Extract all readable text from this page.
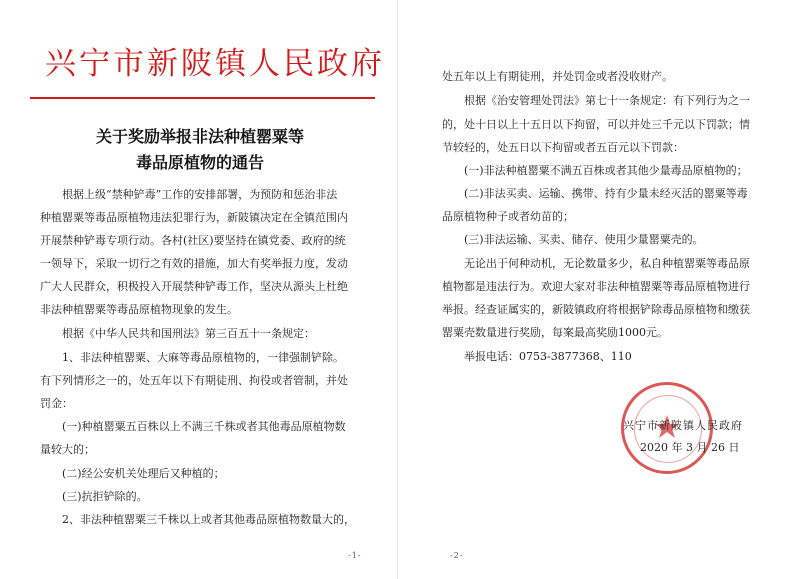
兴宁市新陂镇人民政府
关于奖励举报非法种植罂粟等
毒品原植物的通告
根据上级“禁种铲毒”工作的安排部署，为预防和惩治非法
种植罂粟等毒品原植物违法犯罪行为，新陂镇决定在全镇范围内
开展禁种铲毒专项行动。各村(社区)要坚持在镇党委、政府的统
一领导下，采取一切行之有效的措施，加大有奖举报力度，发动
广大人民群众，积极投入开展禁种铲毒工作，坚决从源头上杜绝
非法种植罂粟等毒品原植物现象的发生。
根据《中华人民共和国刑法》第三百五十一条规定：
1、非法种植罂粟、大麻等毒品原植物的，一律强制铲除。
有下列情形之一的，处五年以下有期徒刑、拘役或者管制，并处
罚金：
(一)种植罂粟五百株以上不满三千株或者其他毒品原植物数
量较大的；
(二)经公安机关处理后又种植的；
(三)抗拒铲除的。
2、非法种植罂粟三千株以上或者其他毒品原植物数量大的，
-1-
处五年以上有期徒刑，并处罚金或者没收财产。
根据《治安管理处罚法》第七十一条规定：有下列行为之一
的，处十日以上十五日以下拘留，可以并处三千元以下罚款；情
节较轻的，处五日以下拘留或者五百元以下罚款：
(一)非法种植罂粟不满五百株或者其他少量毒品原植物的；
(二)非法买卖、运输、携带、持有少量未经灭活的罂粟等毒
品原植物种子或者幼苗的；
(三)非法运输、买卖、储存、使用少量罂粟壳的。
无论出于何种动机，无论数量多少，私自种植罂粟等毒品原
植物都是违法行为。欢迎大家对非法种植罂粟等毒品原植物进行
举报。经查证属实的，新陂镇政府将根据铲除毒品原植物和缴获
罂粟壳数量进行奖励，每案最高奖励1000元。
举报电话：0753-3877368、110
-2-
兴宁市新陂镇人民政府
2020 年 3 月 26 日
